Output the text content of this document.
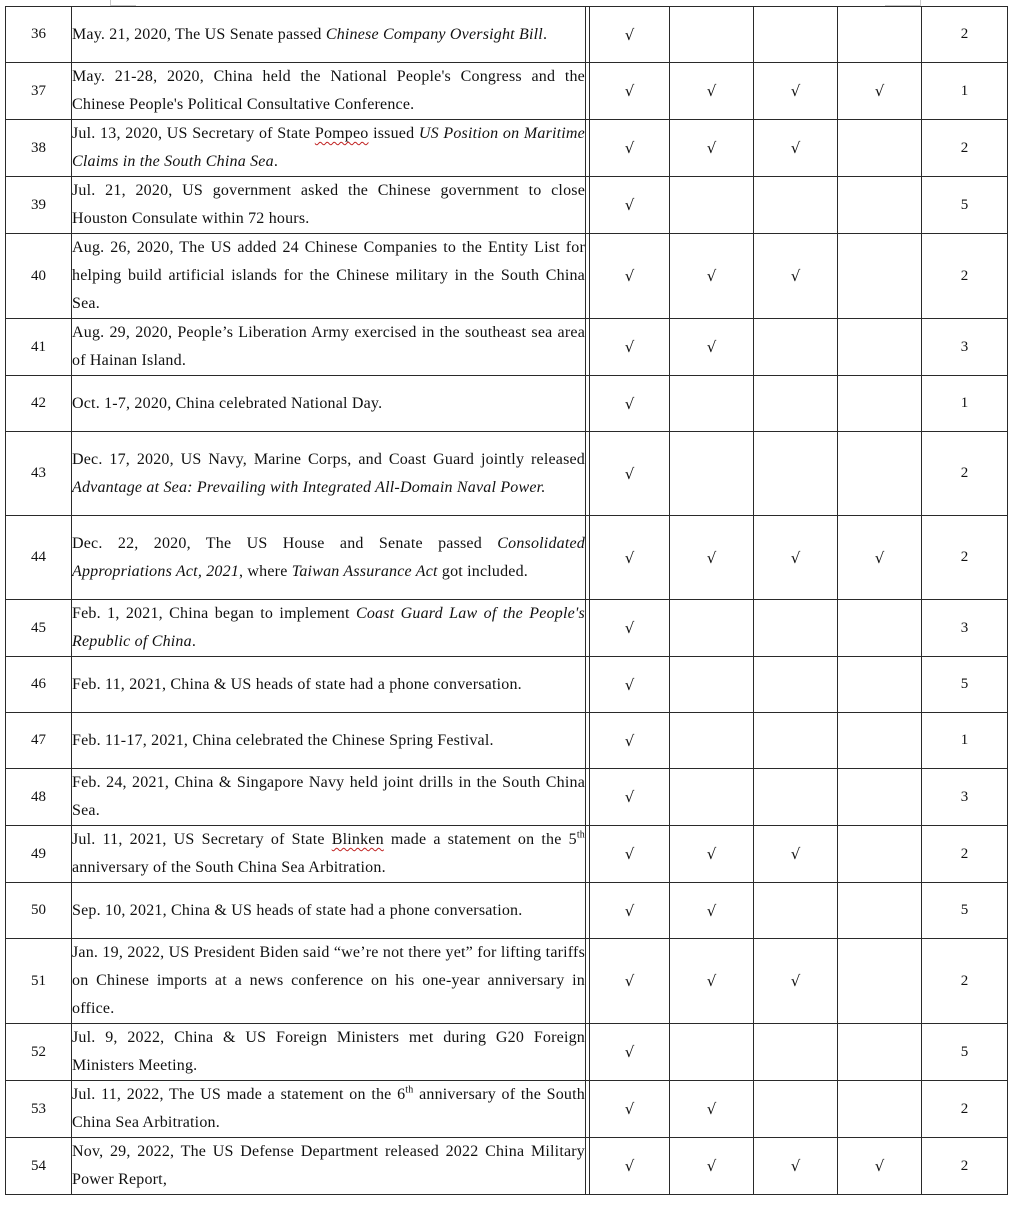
36	May. 21, 2020, The US Senate passed Chinese Company Oversight Bill.		√				2
37	May. 21-28, 2020, China held the National People's Congress and the Chinese People's Political Consultative Conference.		√	√	√	√	1
38	Jul. 13, 2020, US Secretary of State Pompeo issued US Position on Maritime Claims in the South China Sea.		√	√	√		2
39	Jul. 21, 2020, US government asked the Chinese government to close Houston Consulate within 72 hours.		√				5
40	Aug. 26, 2020, The US added 24 Chinese Companies to the Entity List for helping build artificial islands for the Chinese military in the South China Sea.		√	√	√		2
41	Aug. 29, 2020, People’s Liberation Army exercised in the southeast sea area of Hainan Island.		√	√			3
42	Oct. 1-7, 2020, China celebrated National Day.		√				1
43	Dec. 17, 2020, US Navy, Marine Corps, and Coast Guard jointly released Advantage at Sea: Prevailing with Integrated All-Domain Naval Power.		√				2
44	Dec. 22, 2020, The US House and Senate passed Consolidated Appropriations Act, 2021, where Taiwan Assurance Act got included.		√	√	√	√	2
45	Feb. 1, 2021, China began to implement Coast Guard Law of the People's Republic of China.		√				3
46	Feb. 11, 2021, China & US heads of state had a phone conversation.		√				5
47	Feb. 11-17, 2021, China celebrated the Chinese Spring Festival.		√				1
48	Feb. 24, 2021, China & Singapore Navy held joint drills in the South China Sea.		√				3
49	Jul. 11, 2021, US Secretary of State Blinken made a statement on the 5th anniversary of the South China Sea Arbitration.		√	√	√		2
50	Sep. 10, 2021, China & US heads of state had a phone conversation.		√	√			5
51	Jan. 19, 2022, US President Biden said “we’re not there yet” for lifting tariffs on Chinese imports at a news conference on his one-year anniversary in office.		√	√	√		2
52	Jul. 9, 2022, China & US Foreign Ministers met during G20 Foreign Ministers Meeting.		√				5
53	Jul. 11, 2022, The US made a statement on the 6th anniversary of the South China Sea Arbitration.		√	√			2
54	Nov, 29, 2022, The US Defense Department released 2022 China Military Power Report,		√	√	√	√	2
